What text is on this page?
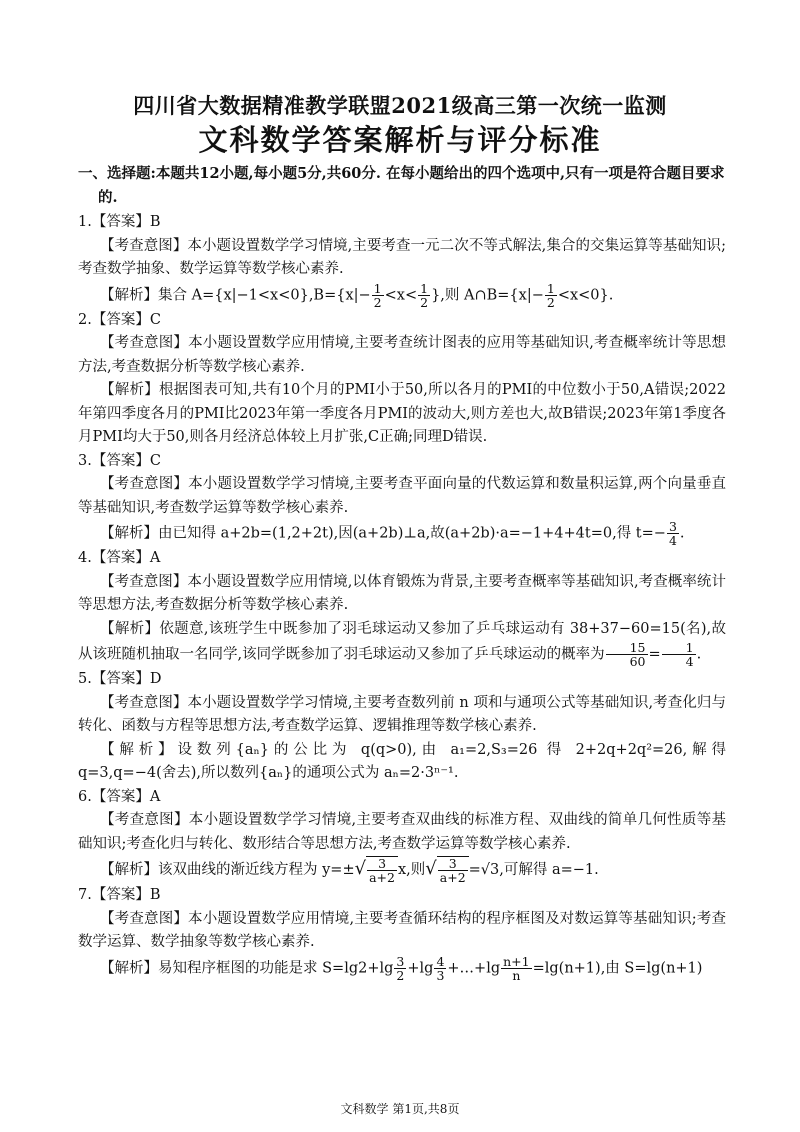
四川省大数据精准教学联盟2021级高三第一次统一监测
文科数学答案解析与评分标准

一、选择题:本题共12小题,每小题5分,共60分. 在每小题给出的四个选项中,只有一项是符合题目要求的.

1.【答案】B

【考查意图】本小题设置数学学习情境,主要考查一元二次不等式解法,集合的交集运算等基础知识;考查数学抽象、数学运算等数学核心素养.

【解析】集合 $A=\{x|-1<x<0\},B=\{x|- \frac{1}{2} <x< \frac{1}{2}$ },则 A∩B={x|− $\frac{1}{2} <x<0$}.

2.【答案】C

【考查意图】本小题设置数学应用情境,主要考查统计图表的应用等基础知识,考查概率统计等思想方法,考查数据分析等数学核心素养.

【解析】根据图表可知,共有10个月的PMI小于50,所以各月的PMI的中位数小于50,A错误;2022年第四季度各月的PMI比2023年第一季度各月PMI的波动大,则方差也大,故B错误;2023年第1季度各月PMI均大于50,则各月经济总体较上月扩张,C正确;同理D错误.

3.【答案】C

【考查意图】本小题设置数学学习情境,主要考查平面向量的代数运算和数量积运算,两个向量垂直等基础知识,考查数学运算等数学核心素养.

【解析】由已知得 a+2b=(1,2+2t),因(a+2b)⊥a,故(a+2b)·a=−1+4+4t=0,得 $t=- \frac{3}{4}$ .

4.【答案】A

【考查意图】本小题设置数学应用情境,以体育锻炼为背景,主要考查概率等基础知识,考查概率统计等思想方法,考查数据分析等数学核心素养.

【解析】依题意,该班学生中既参加了羽毛球运动又参加了乒乓球运动有 38+37−60=15(名),故从该班随机抽取一名同学,该同学既参加了羽毛球运动又参加了乒乓球运动的概率为 $\frac{15}{60} = \frac{1}{4}$ .

5.【答案】D

【考查意图】本小题设置数学学习情境,主要考查数列前 n 项和与通项公式等基础知识,考查化归与转化、函数与方程等思想方法,考查数学运算、逻辑推理等数学核心素养.

【解析】设数列{aₙ}的公比为 q(q>0),由 a₁=2,S₃=26 得 2+2q+2q²=26,解得 q=3,q=−4(舍去),所以数列{aₙ}的通项公式为 aₙ=2·3ⁿ⁻¹.

6.【答案】A

【考查意图】本小题设置数学学习情境,主要考查双曲线的标准方程、双曲线的简单几何性质等基础知识;考查化归与转化、数形结合等思想方法,考查数学运算等数学核心素养.

【解析】该双曲线的渐近线方程为 $y=\pm√ \frac{3}{a+2} x$,则√ $\frac{3}{a+2} =√3$,可解得 a=−1.

7.【答案】B

【考查意图】本小题设置数学应用情境,主要考查循环结构的程序框图及对数运算等基础知识;考查数学运算、数学抽象等数学核心素养.

【解析】易知程序框图的功能是求 $S=\lg 2+\lg \frac{3}{2} +\lg \frac{4}{3}$ +…+lg $\frac{n+1}{n} =\lg(n+1)$,由 S=lg(n+1)

文科数学 第1页,共8页
